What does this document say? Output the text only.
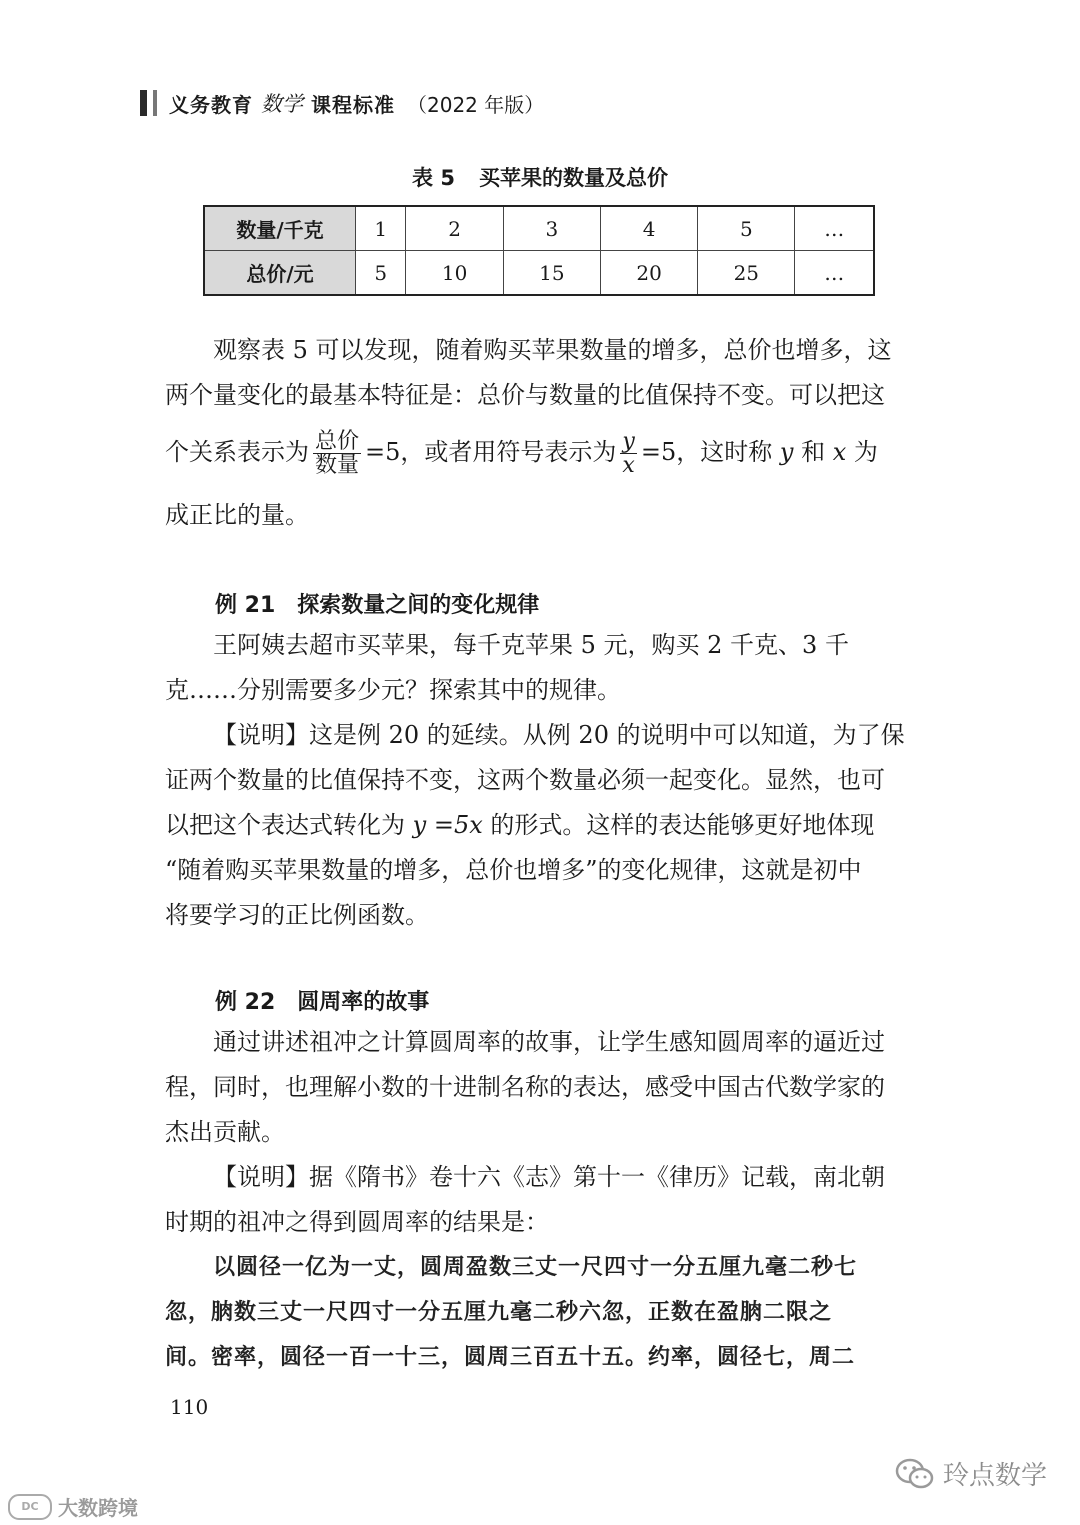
义务教育 数学 课程标准 （2022 年版）
表 5 买苹果的数量及总价
数量/千克	1	2	3	4	5	…
总价/元	5	10	15	20	25	…
观察表 5 可以发现，随着购买苹果数量的增多，总价也增多，这
两个量变化的最基本特征是：总价与数量的比值保持不变。可以把这
个关系表示为 $\frac{\text{总价}}{\text{数量}} =5$，或者用符号表示为 $\frac{y}{x} =5$，这时称 y 和 x 为
成正比的量。
例 21 探索数量之间的变化规律
王阿姨去超市买苹果，每千克苹果 5 元，购买 2 千克、3 千
克……分别需要多少元？探索其中的规律。
【说明】这是例 20 的延续。从例 20 的说明中可以知道，为了保
证两个数量的比值保持不变，这两个数量必须一起变化。显然，也可
以把这个表达式转化为 y =5x 的形式。这样的表达能够更好地体现
“随着购买苹果数量的增多，总价也增多”的变化规律，这就是初中
将要学习的正比例函数。
例 22 圆周率的故事
通过讲述祖冲之计算圆周率的故事，让学生感知圆周率的逼近过
程，同时，也理解小数的十进制名称的表达，感受中国古代数学家的
杰出贡献。
【说明】据《隋书》卷十六《志》第十一《律历》记载，南北朝
时期的祖冲之得到圆周率的结果是：
以圆径一亿为一丈，圆周盈数三丈一尺四寸一分五厘九毫二秒七
忽，朒数三丈一尺四寸一分五厘九毫二秒六忽，正数在盈朒二限之
间。密率，圆径一百一十三，圆周三百五十五。约率，圆径七，周二
110
DC 大数跨境
玲点数学
